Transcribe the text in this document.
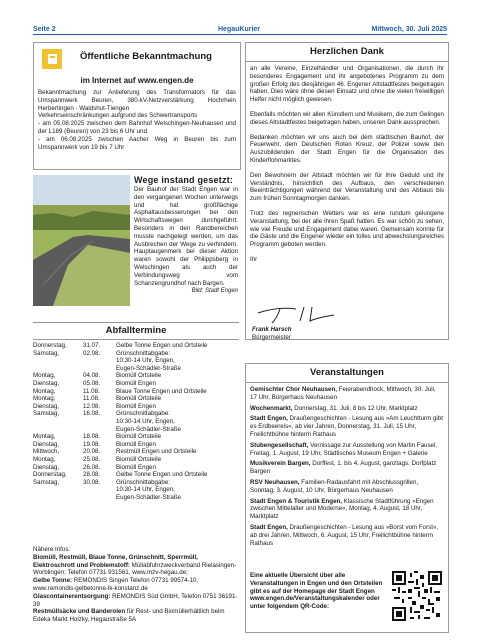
Seite 2	HegauKurier	Mittwoch, 30. Juli 2025
Öffentliche Bekanntmachung
im Internet auf www.engen.de

Bekanntmachung zur Anlieferung des Transformators für das Umspannwerk Beuren, 380-kV-Netzverstärkung Hochrhein Herbertingen - Waldshut-Tiengen

Verkehrseinschränkungen aufgrund des Schwertransports

- am 05.08.2025 zwischen dem Bahnhof Welschingen-Neuhausen und der L189 (Beuren) von 23 bis 6 Uhr und

- am 06.08.2025 zwischen Aacher Weg in Beuren bis zum Umspannwerk von 19 bis 7 Uhr

Wege instand gesetzt:

Der Bauhof der Stadt Engen war in den vergangenen Wochen unterwegs und hat großflächige Asphaltausbesserungen bei den Wirtschaftswegen durchgeführt. Besonders in den Randbereichen musste nachgelegt werden, um das Ausbrechen der Wege zu verhindern. Hauptaugenmerk bei dieser Aktion waren sowohl der Philippsberg in Welschingen als auch der Verbindungsweg vom Schanzengrundhof nach Bargen.

Bild: Stadt Engen
Abfalltermine
Donnerstag,	31.07.	Gelbe Tonne Engen und Ortsteile
Samstag,	02.08.	Grünschnittabgabe:
		10:30-14 Uhr, Engen,
		Eugen-Schädler-Straße
Montag,	04.08.	Biomüll Ortsteile
Dienstag,	05.08.	Biomüll Engen
Montag,	11.08.	Blaue Tonne Engen und Ortsteile
Montag,	11.08.	Biomüll Ortsteile
Dienstag,	12.08.	Biomüll Engen
Samstag,	16.08.	Grünschnittabgabe:
		10:30-14 Uhr, Engen,
		Eugen-Schädler-Straße
Montag,	18.08.	Biomüll Ortsteile
Dienstag,	19.08.	Biomüll Engen
Mittwoch,	20.08.	Restmüll Engen und Ortsteile
Montag,	25.08.	Biomüll Ortsteile
Dienstag,	26.08.	Biomüll Engen
Donnerstag,	28.08.	Gelbe Tonne Engen und Ortsteile
Samstag,	30.08.	Grünschnittabgabe:
		10:30-14 Uhr, Engen,
		Eugen-Schädler-Straße

Nähere Infos:

Biomüll, Restmüll, Blaue Tonne, Grünschnitt, Sperrmüll, Elektroschrott und Problemstoff: Müllabfuhrzweckverband Rielasingen-Worblingen; Telefon 07731 931561, www.mzv-hegau.de;

Gelbe Tonne: REMONDIS Singen Telefon 07731 99574-10, www.remondis-gelbetonne-lk-konstanz.de

Glascontainerentsorgung: REMONDIS Süd GmbH, Telefon 0751 36191-39

Restmüllsäcke und Banderolen für Rest- und Biomüllerhältlich beim Edeka Markt Holzky, Hegaustraße 5A

Herzlichen Dank

an alle Vereine, Einzelhändler und Organisationen, die durch ihr besonderes Engagement und ihr angebotenes Programm zu dem großen Erfolg des diesjährigen 46. Engener Altstadtfestes beigetragen haben. Dies wäre ohne diesen Einsatz und ohne die vielen freiwilligen Helfer nicht möglich gewesen.

Ebenfalls möchten wir allen Künstlern und Musikern, die zum Gelingen dieses Altstadtfestes beigetragen haben, unseren Dank aussprechen.

Bedanken möchten wir uns auch bei dem städtischen Bauhof, der Feuerwehr, dem Deutschen Roten Kreuz, der Polizei sowie den Auszubildenden der Stadt Engen für die Organisation des Kinderflohmarktes.

Den Bewohnern der Altstadt möchten wir für ihre Geduld und ihr Verständnis, hinsichtlich des Aufbaus, den verschiedenen Beeinträchtigungen während der Veranstaltung und des Abbaus bis zum frühen Sonntagmorgen danken.

Trotz des regnerischen Wetters war es eine rundum gelungene Veranstaltung, bei der alle ihren Spaß hatten. Es war schön zu sehen, wie viel Freude und Engagement dabei waren. Gemeinsam konnte für die Gäste und die Engener wieder ein tolles und abwechslungsreiches Programm geboten werden.

Ihr

Frank Harsch
Bürgermeister
Veranstaltungen

Gemischter Chor Neuhausen, Feierabendhock, Mittwoch, 30. Juli, 17 Uhr, Bürgerhaus Neuhausen

Wochenmarkt, Donnerstag, 31. Juli, 8 bis 12 Uhr, Marktplatz

Stadt Engen, Draußengeschichten - Lesung aus »Am Leuchtturm gibt es Erdbeereis«, ab vier Jahren, Donnerstag, 31. Juli, 15 Uhr, Freilichtbühne hinterm Rathaus

Stubengesellschaft, Vernissage zur Ausstellung von Martin Fausel, Freitag, 1. August, 19 Uhr, Städtisches Museum Engen + Galerie

Musikverein Bargen, Dorffest, 1. bis 4. August, ganztags, Dorfplatz Bargen

RSV Neuhausen, Familien-Radausfahrt mit Abschlussgrillen, Sonntag, 3. August, 10 Uhr, Bürgerhaus Neuhausen

Stadt Engen & Touristik Engen, Klassische Stadtführung »Engen zwischen Mittelalter und Moderne«, Montag, 4. August, 18 Uhr, Marktplatz

Stadt Engen, Draußengeschichten - Lesung aus »Borst vom Forst«, ab drei Jahren, Mittwoch, 6. August, 15 Uhr, Freilichtbühne hinterm Rathaus

Eine aktuelle Übersicht über alle Veranstaltungen in Engen und den Ortsteilen gibt es auf der Homepage der Stadt Engen www.engen.de/Veranstaltungskalender oder unter folgendem QR-Code:
